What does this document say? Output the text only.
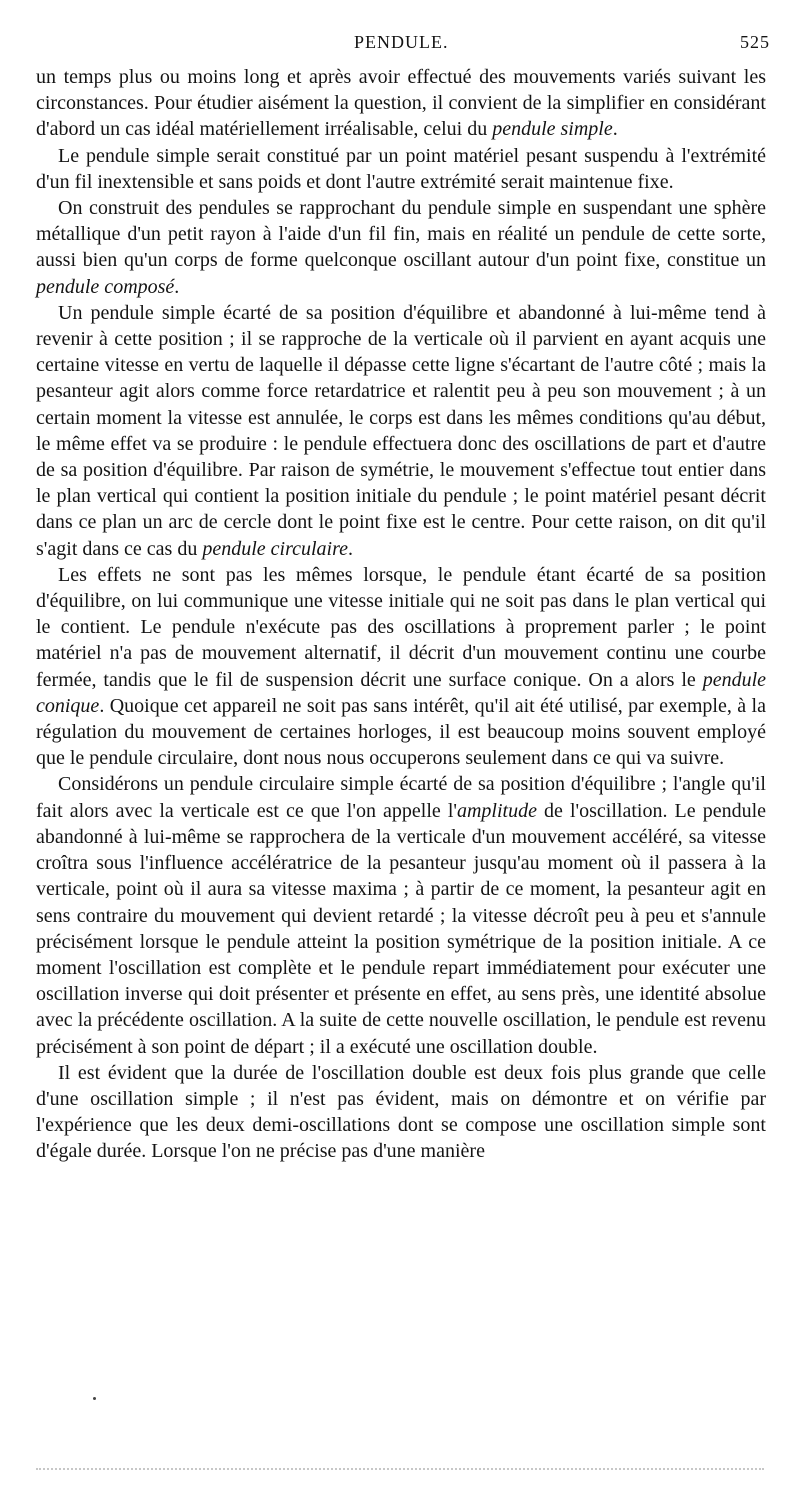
PENDULE.	525

un temps plus ou moins long et après avoir effectué des mouvements variés suivant les circonstances. Pour étudier aisément la question, il convient de la simplifier en considérant d'abord un cas idéal matériellement irréalisable, celui du pendule simple.

Le pendule simple serait constitué par un point matériel pesant suspendu à l'extrémité d'un fil inextensible et sans poids et dont l'autre extrémité serait maintenue fixe.

On construit des pendules se rapprochant du pendule simple en suspendant une sphère métallique d'un petit rayon à l'aide d'un fil fin, mais en réalité un pendule de cette sorte, aussi bien qu'un corps de forme quelconque oscillant autour d'un point fixe, constitue un pendule composé.

Un pendule simple écarté de sa position d'équilibre et abandonné à lui-même tend à revenir à cette position ; il se rapproche de la verticale où il parvient en ayant acquis une certaine vitesse en vertu de laquelle il dépasse cette ligne s'écartant de l'autre côté ; mais la pesanteur agit alors comme force retardatrice et ralentit peu à peu son mouvement ; à un certain moment la vitesse est annulée, le corps est dans les mêmes conditions qu'au début, le même effet va se produire : le pendule effectuera donc des oscillations de part et d'autre de sa position d'équilibre. Par raison de symétrie, le mouvement s'effectue tout entier dans le plan vertical qui contient la position initiale du pendule ; le point matériel pesant décrit dans ce plan un arc de cercle dont le point fixe est le centre. Pour cette raison, on dit qu'il s'agit dans ce cas du pendule circulaire.

Les effets ne sont pas les mêmes lorsque, le pendule étant écarté de sa position d'équilibre, on lui communique une vitesse initiale qui ne soit pas dans le plan vertical qui le contient. Le pendule n'exécute pas des oscillations à proprement parler ; le point matériel n'a pas de mouvement alternatif, il décrit d'un mouvement continu une courbe fermée, tandis que le fil de suspension décrit une surface conique. On a alors le pendule conique. Quoique cet appareil ne soit pas sans intérêt, qu'il ait été utilisé, par exemple, à la régulation du mouvement de certaines horloges, il est beaucoup moins souvent employé que le pendule circulaire, dont nous nous occuperons seulement dans ce qui va suivre.

Considérons un pendule circulaire simple écarté de sa position d'équilibre ; l'angle qu'il fait alors avec la verticale est ce que l'on appelle l'amplitude de l'oscillation. Le pendule abandonné à lui-même se rapprochera de la verticale d'un mouvement accéléré, sa vitesse croîtra sous l'influence accélératrice de la pesanteur jusqu'au moment où il passera à la verticale, point où il aura sa vitesse maxima ; à partir de ce moment, la pesanteur agit en sens contraire du mouvement qui devient retardé ; la vitesse décroît peu à peu et s'annule précisément lorsque le pendule atteint la position symétrique de la position initiale. A ce moment l'oscillation est complète et le pendule repart immédiatement pour exécuter une oscillation inverse qui doit présenter et présente en effet, au sens près, une identité absolue avec la précédente oscillation. A la suite de cette nouvelle oscillation, le pendule est revenu précisément à son point de départ ; il a exécuté une oscillation double.

Il est évident que la durée de l'oscillation double est deux fois plus grande que celle d'une oscillation simple ; il n'est pas évident, mais on démontre et on vérifie par l'expérience que les deux demi-oscillations dont se compose une oscillation simple sont d'égale durée. Lorsque l'on ne précise pas d'une manière
